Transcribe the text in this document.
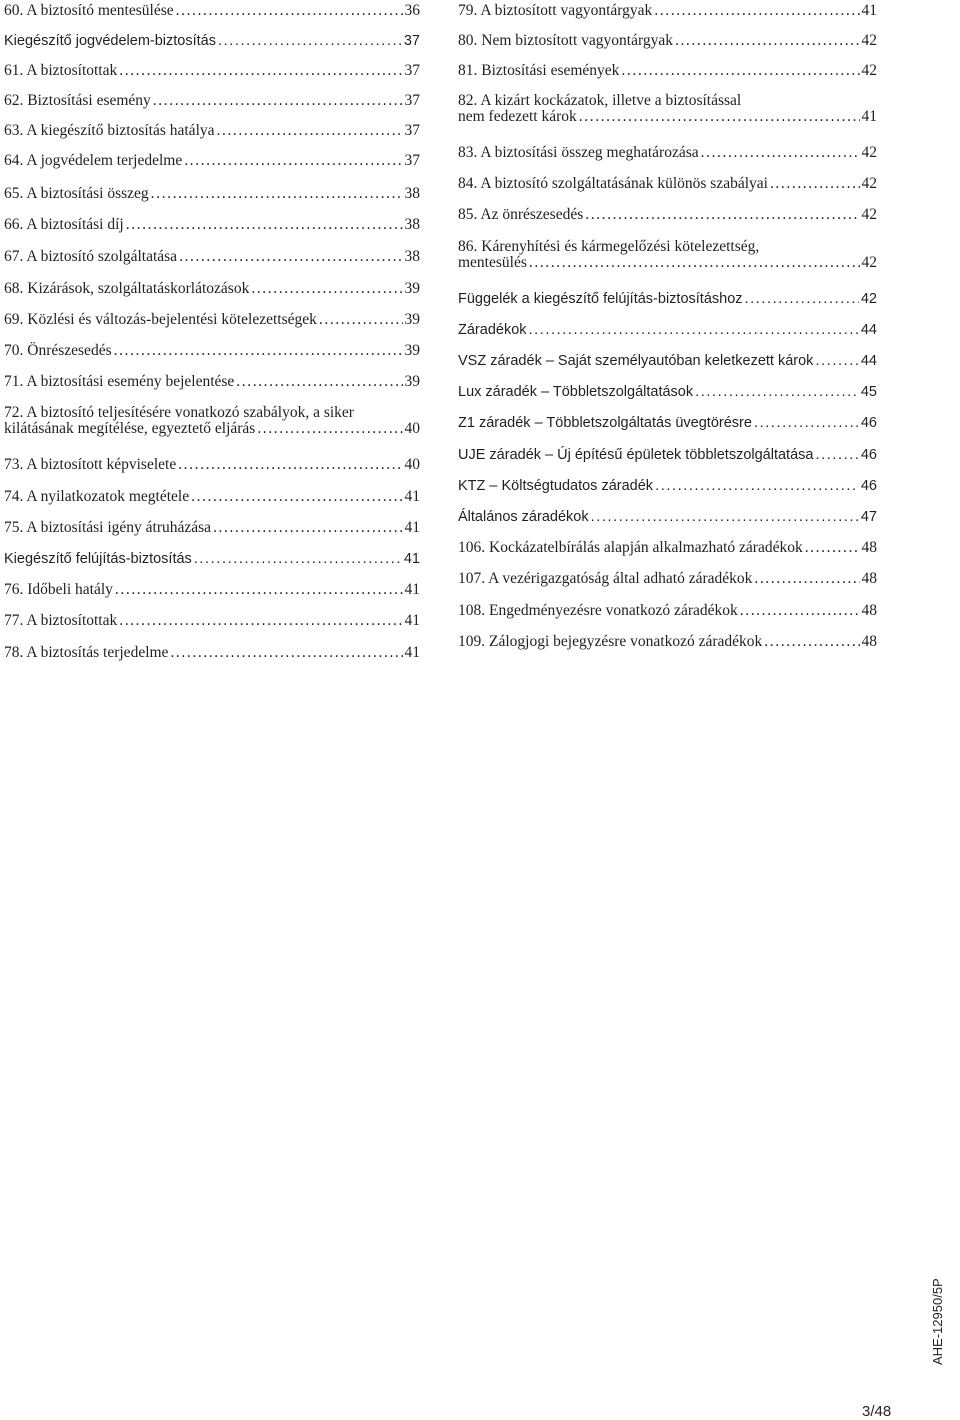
60. A biztosító mentesülése .....	36
Kiegészítő jogvédelem-biztosítás .....	37
61. A biztosítottak .....	37
62. Biztosítási esemény .....	37
63. A kiegészítő biztosítás hatálya .....	37
64. A jogvédelem terjedelme .....	37
65. A biztosítási összeg .....	38
66. A biztosítási díj .....	38
67. A biztosító szolgáltatása .....	38
68. Kizárások, szolgáltatáskorlátozások .....	39
69. Közlési és változás-bejelentési kötelezettségek .....	39
70. Önrészesedés .....	39
71. A biztosítási esemény bejelentése .....	39
72. A biztosító teljesítésére vonatkozó szabályok, a siker
kilátásának megítélése, egyeztető eljárás .....	40
73. A biztosított képviselete .....	40
74. A nyilatkozatok megtétele .....	41
75. A biztosítási igény átruházása .....	41
Kiegészítő felújítás-biztosítás .....	41
76. Időbeli hatály .....	41
77. A biztosítottak .....	41
78. A biztosítás terjedelme .....	41
79. A biztosított vagyontárgyak .....	41
80. Nem biztosított vagyontárgyak .....	42
81. Biztosítási események .....	42
82. A kizárt kockázatok, illetve a biztosítással
nem fedezett károk .....	41
83. A biztosítási összeg meghatározása .....	42
84. A biztosító szolgáltatásának különös szabályai .....	42
85. Az önrészesedés .....	42
86. Kárenyhítési és kármegelőzési kötelezettség,
mentesülés .....	42
Függelék a kiegészítő felújítás-biztosításhoz .....	42
Záradékok .....	44
VSZ záradék – Saját személyautóban keletkezett károk .....	44
Lux záradék – Többletszolgáltatások .....	45
Z1 záradék – Többletszolgáltatás üvegtörésre .....	46
UJE záradék – Új építésű épületek többletszolgáltatása .....	46
KTZ – Költségtudatos záradék .....	46
Általános záradékok .....	47
106. Kockázatelbírálás alapján alkalmazható záradékok .....	48
107. A vezérigazgatóság által adható záradékok .....	48
108. Engedményezésre vonatkozó záradékok .....	48
109. Zálogjogi bejegyzésre vonatkozó záradékok .....	48
AHE-12950/5P
3/48
